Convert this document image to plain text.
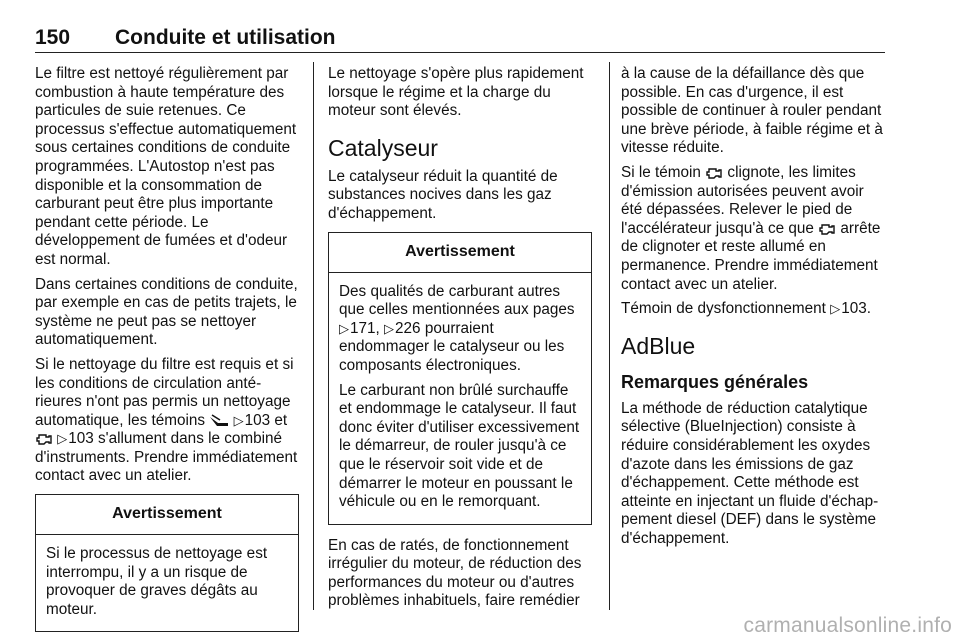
150 Conduite et utilisation

Le filtre est nettoyé régulièrement par combustion à haute température des particules de suie retenues. Ce processus s'effectue automatiquement sous certaines conditions de conduite programmées. L'Autostop n'est pas disponible et la consommation de carburant peut être plus importante pendant cette période. Le développement de fumées et d'odeur est normal.

Dans certaines conditions de conduite, par exemple en cas de petits trajets, le système ne peut pas se nettoyer automatiquement.

Si le nettoyage du filtre est requis et si les conditions de circulation antérieures n'ont pas permis un nettoyage automatique, les témoins ▷103 et  ▷103 s'allument dans le combiné d'instruments. Prendre immédiatement contact avec un atelier.

Avertissement

Si le processus de nettoyage est interrompu, il y a un risque de provoquer de graves dégâts au moteur.

Le nettoyage s'opère plus rapidement lorsque le régime et la charge du moteur sont élevés.

Catalyseur

Le catalyseur réduit la quantité de substances nocives dans les gaz d'échappement.

Avertissement

Des qualités de carburant autres que celles mentionnées aux pages ▷171, ▷226 pourraient endommager le catalyseur ou les composants électroniques.

Le carburant non brûlé surchauffe et endommage le catalyseur. Il faut donc éviter d'utiliser excessivement le démarreur, de rouler jusqu'à ce que le réservoir soit vide et de démarrer le moteur en poussant le véhicule ou en le remorquant.

En cas de ratés, de fonctionnement irrégulier du moteur, de réduction des performances du moteur ou d'autres problèmes inhabituels, faire remédier

à la cause de la défaillance dès que possible. En cas d'urgence, il est possible de continuer à rouler pendant une brève période, à faible régime et à vitesse réduite.

Si le témoin clignote, les limites d'émission autorisées peuvent avoir été dépassées. Relever le pied de l'accélérateur jusqu'à ce que arrête de clignoter et reste allumé en permanence. Prendre immédiatement contact avec un atelier.

Témoin de dysfonctionnement ▷103.

AdBlue
Remarques générales

La méthode de réduction catalytique sélective (BlueInjection) consiste à réduire considérablement les oxydes d'azote dans les émissions de gaz d'échappement. Cette méthode est atteinte en injectant un fluide d'échappement diesel (DEF) dans le système d'échappement.

carmanualsonline.info
